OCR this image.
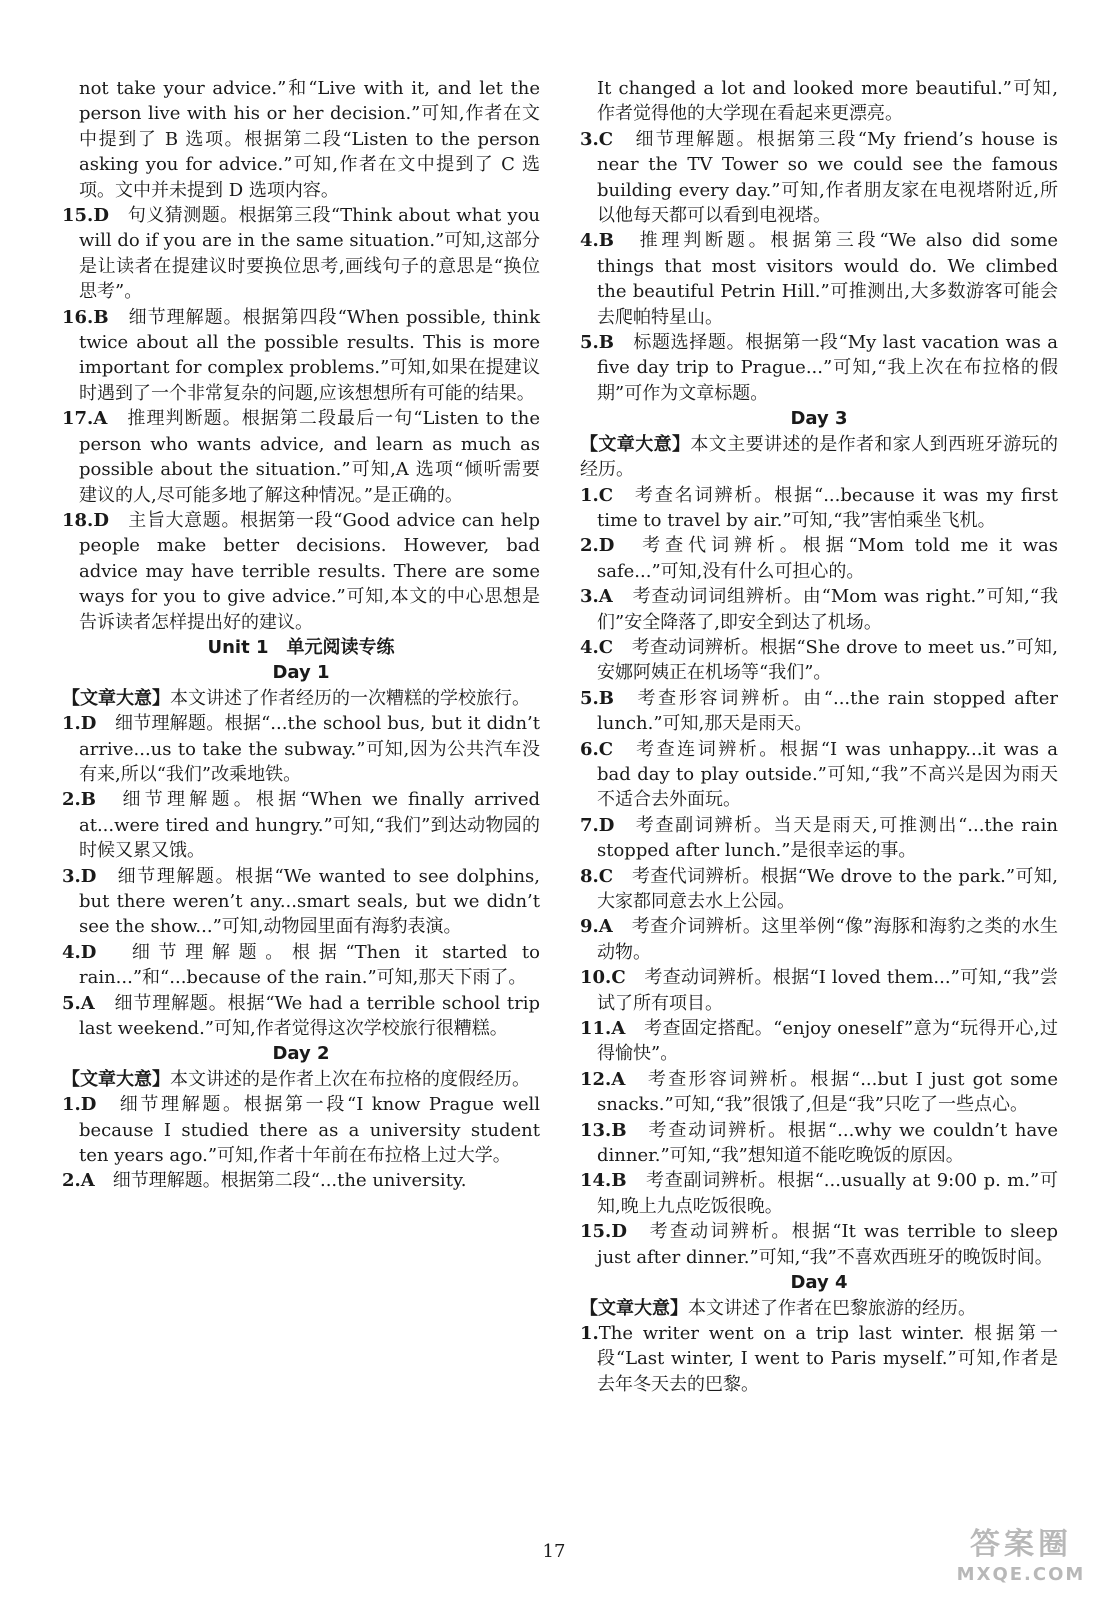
not take your advice.”和“Live with it, and let the person live with his or her decision.”可知,作者在文中提到了 B 选项。根据第二段“Listen to the person asking you for advice.”可知,作者在文中提到了 C 选项。文中并未提到 D 选项内容。

15.D　 句义猜测题。根据第三段“Think about what you will do if you are in the same situation.”可知,这部分是让读者在提建议时要换位思考,画线句子的意思是“换位思考”。

16.B　 细节理解题。根据第四段“When possible, think twice about all the possible results. This is more important for complex problems.”可知,如果在提建议时遇到了一个非常复杂的问题,应该想想所有可能的结果。

17.A　 推理判断题。根据第二段最后一句“Listen to the person who wants advice, and learn as much as possible about the situation.”可知,A 选项“倾听需要建议的人,尽可能多地了解这种情况。”是正确的。

18.D　 主旨大意题。根据第一段“Good advice can help people make better decisions. However, bad advice may have terrible results. There are some ways for you to give advice.”可知,本文的中心思想是告诉读者怎样提出好的建议。

Unit 1　单元阅读专练

Day 1

【文章大意】本文讲述了作者经历的一次糟糕的学校旅行。

1.D　 细节理解题。根据“...the school bus, but it didn’t arrive...us to take the subway.”可知,因为公共汽车没有来,所以“我们”改乘地铁。

2.B　 细节理解题。根据“When we finally arrived at...were tired and hungry.”可知,“我们”到达动物园的时候又累又饿。

3.D　 细节理解题。根据“We wanted to see dolphins, but there weren’t any...smart seals, but we didn’t see the show...”可知,动物园里面有海豹表演。

4.D　 细节理解题。根据“Then it started to rain...”和“...because of the rain.”可知,那天下雨了。

5.A　 细节理解题。根据“We had a terrible school trip last weekend.”可知,作者觉得这次学校旅行很糟糕。

Day 2

【文章大意】本文讲述的是作者上次在布拉格的度假经历。

1.D　 细节理解题。根据第一段“I know Prague well because I studied there as a university student ten years ago.”可知,作者十年前在布拉格上过大学。

2.A　 细节理解题。根据第二段“...the university.

It changed a lot and looked more beautiful.”可知,作者觉得他的大学现在看起来更漂亮。

3.C　 细节理解题。根据第三段“My friend’s house is near the TV Tower so we could see the famous building every day.”可知,作者朋友家在电视塔附近,所以他每天都可以看到电视塔。

4.B　 推理判断题。根据第三段“We also did some things that most visitors would do. We climbed the beautiful Petrin Hill.”可推测出,大多数游客可能会去爬帕特星山。

5.B　 标题选择题。根据第一段“My last vacation was a five day trip to Prague...”可知,“我上次在布拉格的假期”可作为文章标题。

Day 3

【文章大意】本文主要讲述的是作者和家人到西班牙游玩的经历。

1.C　 考查名词辨析。根据“...because it was my first time to travel by air.”可知,“我”害怕乘坐飞机。

2.D　 考查代词辨析。根据“Mom told me it was safe...”可知,没有什么可担心的。

3.A　 考查动词词组辨析。由“Mom was right.”可知,“我们”安全降落了,即安全到达了机场。

4.C　 考查动词辨析。根据“She drove to meet us.”可知,安娜阿姨正在机场等“我们”。

5.B　 考查形容词辨析。由“...the rain stopped after lunch.”可知,那天是雨天。

6.C　 考查连词辨析。根据“I was unhappy...it was a bad day to play outside.”可知,“我”不高兴是因为雨天不适合去外面玩。

7.D　 考查副词辨析。当天是雨天,可推测出“...the rain stopped after lunch.”是很幸运的事。

8.C　 考查代词辨析。根据“We drove to the park.”可知,大家都同意去水上公园。

9.A　 考查介词辨析。这里举例“像”海豚和海豹之类的水生动物。

10.C　 考查动词辨析。根据“I loved them...”可知,“我”尝试了所有项目。

11.A　 考查固定搭配。“enjoy oneself”意为“玩得开心,过得愉快”。

12.A　 考查形容词辨析。根据“...but I just got some snacks.”可知,“我”很饿了,但是“我”只吃了一些点心。

13.B　 考查动词辨析。根据“...why we couldn’t have dinner.”可知,“我”想知道不能吃晚饭的原因。

14.B　 考查副词辨析。根据“...usually at 9:00 p. m.”可知,晚上九点吃饭很晚。

15.D　 考查动词辨析。根据“It was terrible to sleep just after dinner.”可知,“我”不喜欢西班牙的晚饭时间。

Day 4

【文章大意】本文讲述了作者在巴黎旅游的经历。

1.The writer went on a trip last winter. 根据第一段“Last winter, I went to Paris myself.”可知,作者是去年冬天去的巴黎。

17	答案圈
MXQE.COM
